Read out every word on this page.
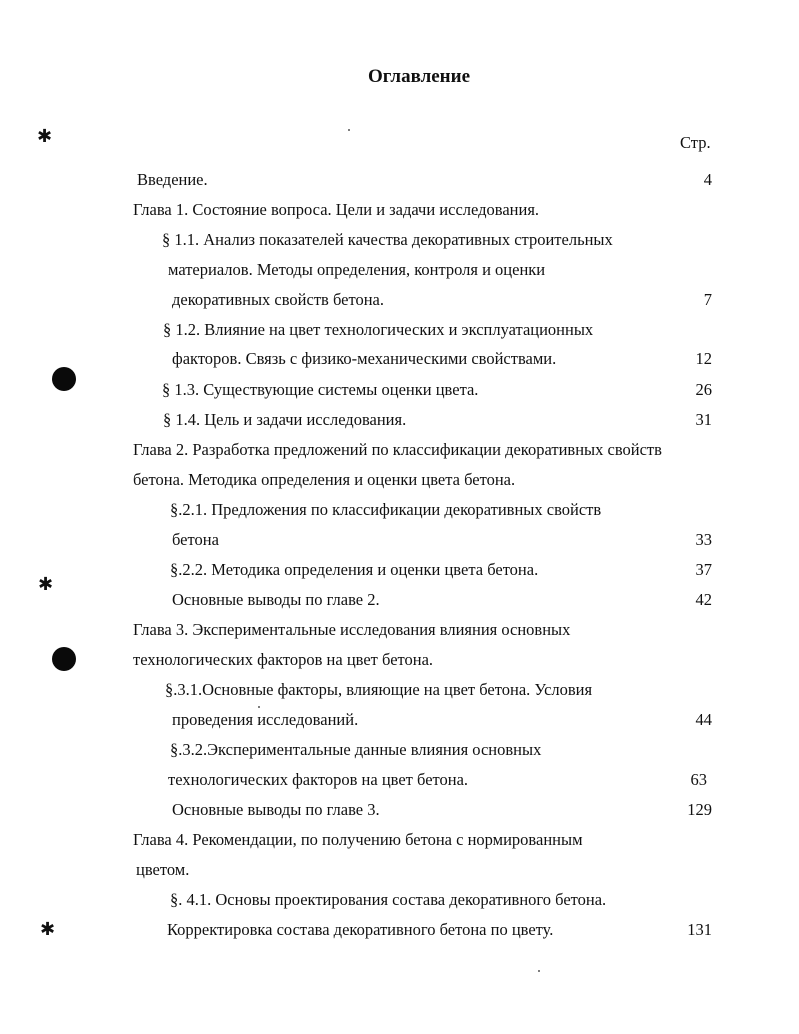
✱
✱
✱
Оглавление
Стр.
Введение.	4
Глава 1. Состояние вопроса. Цели и задачи исследования.
§ 1.1. Анализ показателей качества декоративных строительных
материалов. Методы определения, контроля и оценки
декоративных свойств бетона.	7
§ 1.2. Влияние на цвет технологических и эксплуатационных
факторов. Связь с физико-механическими свойствами.	12
§ 1.3. Существующие системы оценки цвета.	26
§ 1.4. Цель и задачи исследования.	31
Глава 2. Разработка предложений по классификации декоративных свойств
бетона. Методика определения и оценки цвета бетона.
§.2.1. Предложения по классификации декоративных свойств
бетона	33
§.2.2. Методика определения и оценки цвета бетона.	37
Основные выводы по главе 2.	42
Глава 3. Экспериментальные исследования влияния основных
технологических факторов на цвет бетона.
§.3.1.Основные факторы, влияющие на цвет бетона. Условия
проведения исследований.	44
§.3.2.Экспериментальные данные влияния основных
технологических факторов на цвет бетона.	63
Основные выводы по главе 3.	129
Глава 4. Рекомендации, по получению бетона с нормированным
цветом.
§. 4.1. Основы проектирования состава декоративного бетона.
Корректировка состава декоративного бетона по цвету.	131
